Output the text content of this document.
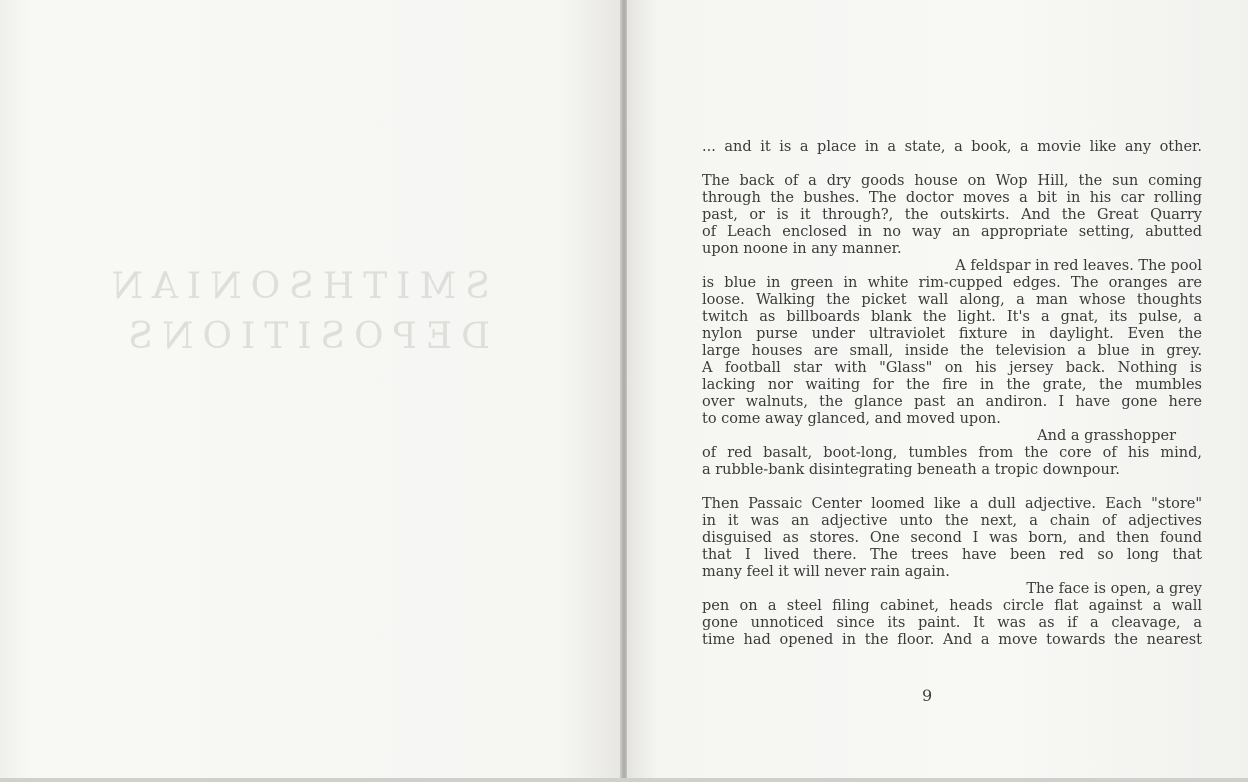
SMITHSONIAN
DEPOSITIONS
... and it is a place in a state, a book, a movie like any other.
The back of a dry goods house on Wop Hill, the sun coming
through the bushes. The doctor moves a bit in his car rolling
past, or is it through?, the outskirts. And the Great Quarry
of Leach enclosed in no way an appropriate setting, abutted
upon noone in any manner.
A feldspar in red leaves. The pool
is blue in green in white rim-cupped edges. The oranges are
loose. Walking the picket wall along, a man whose thoughts
twitch as billboards blank the light. It's a gnat, its pulse, a
nylon purse under ultraviolet fixture in daylight. Even the
large houses are small, inside the television a blue in grey.
A football star with "Glass" on his jersey back. Nothing is
lacking nor waiting for the fire in the grate, the mumbles
over walnuts, the glance past an andiron. I have gone here
to come away glanced, and moved upon.
And a grasshopper
of red basalt, boot-long, tumbles from the core of his mind,
a rubble-bank disintegrating beneath a tropic downpour.
Then Passaic Center loomed like a dull adjective. Each "store"
in it was an adjective unto the next, a chain of adjectives
disguised as stores. One second I was born, and then found
that I lived there. The trees have been red so long that
many feel it will never rain again.
The face is open, a grey
pen on a steel filing cabinet, heads circle flat against a wall
gone unnoticed since its paint. It was as if a cleavage, a
time had opened in the floor. And a move towards the nearest
9
